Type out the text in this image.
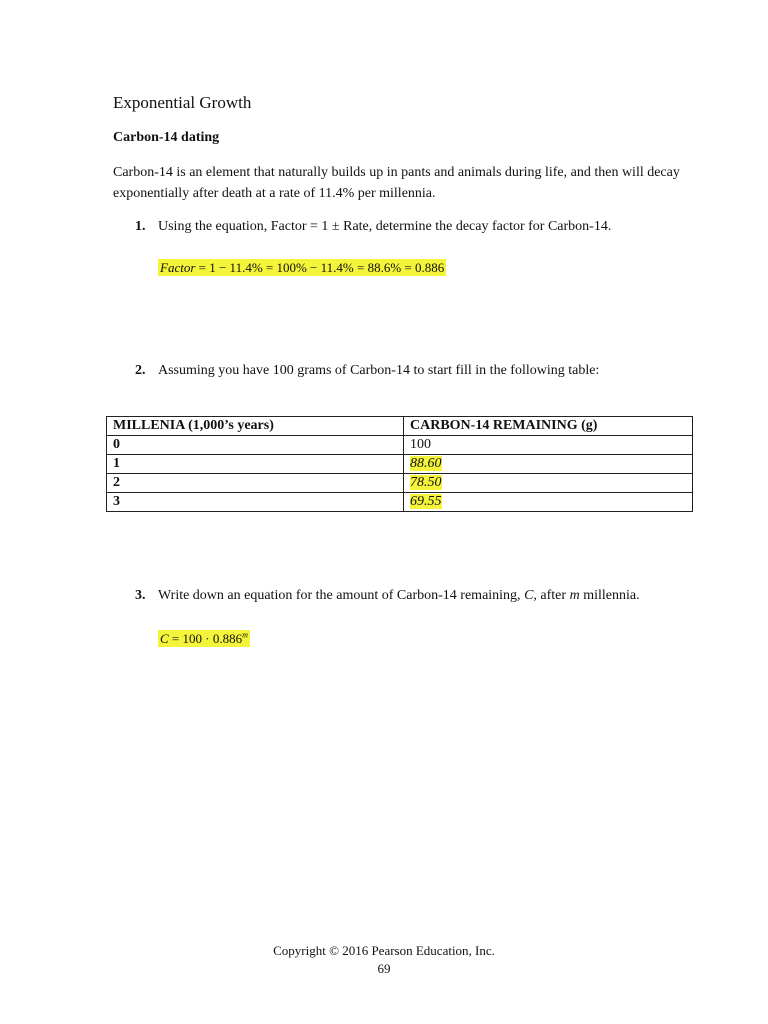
Exponential Growth
Carbon-14 dating
Carbon-14 is an element that naturally builds up in pants and animals during life, and then will decay exponentially after death at a rate of 11.4% per millennia.
1. Using the equation, Factor = 1 ± Rate, determine the decay factor for Carbon-14.
Factor = 1 − 11.4% = 100% − 11.4% = 88.6% = 0.886
2. Assuming you have 100 grams of Carbon-14 to start fill in the following table:
MILLENIA (1,000’s years)	CARBON-14 REMAINING (g)
0	100
1	88.60
2	78.50
3	69.55
3. Write down an equation for the amount of Carbon-14 remaining, C, after m millennia.
$C = 100 \cdot 0.886^m$
Copyright © 2016 Pearson Education, Inc.
69
